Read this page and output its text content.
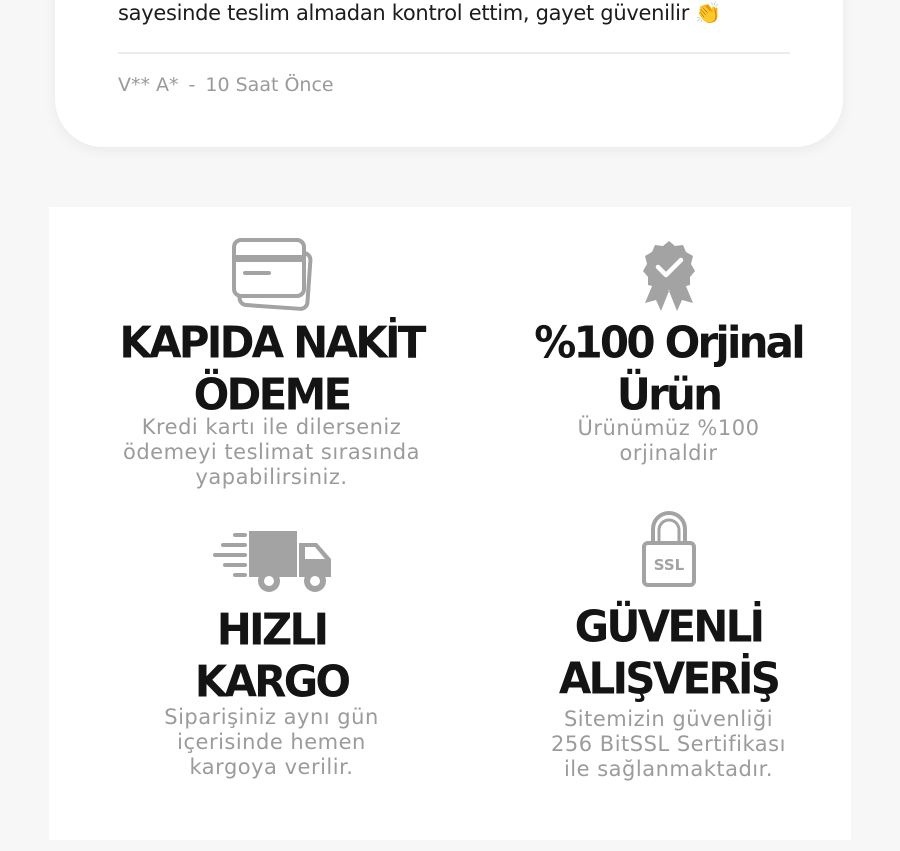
sayesinde teslim almadan kontrol ettim, gayet güvenilir 👏
V** A* - 10 Saat Önce
KAPIDA NAKİT
ÖDEME
Kredi kartı ile dilerseniz
ödemeyi teslimat sırasında
yapabilirsiniz.
%100 Orjinal
Ürün
Ürünümüz %100
orjinaldir
HIZLI
KARGO
Siparişiniz aynı gün
içerisinde hemen
kargoya verilir.
SSL
GÜVENLİ
ALIŞVERİŞ
Sitemizin güvenliği
256 BitSSL Sertifikası
ile sağlanmaktadır.
